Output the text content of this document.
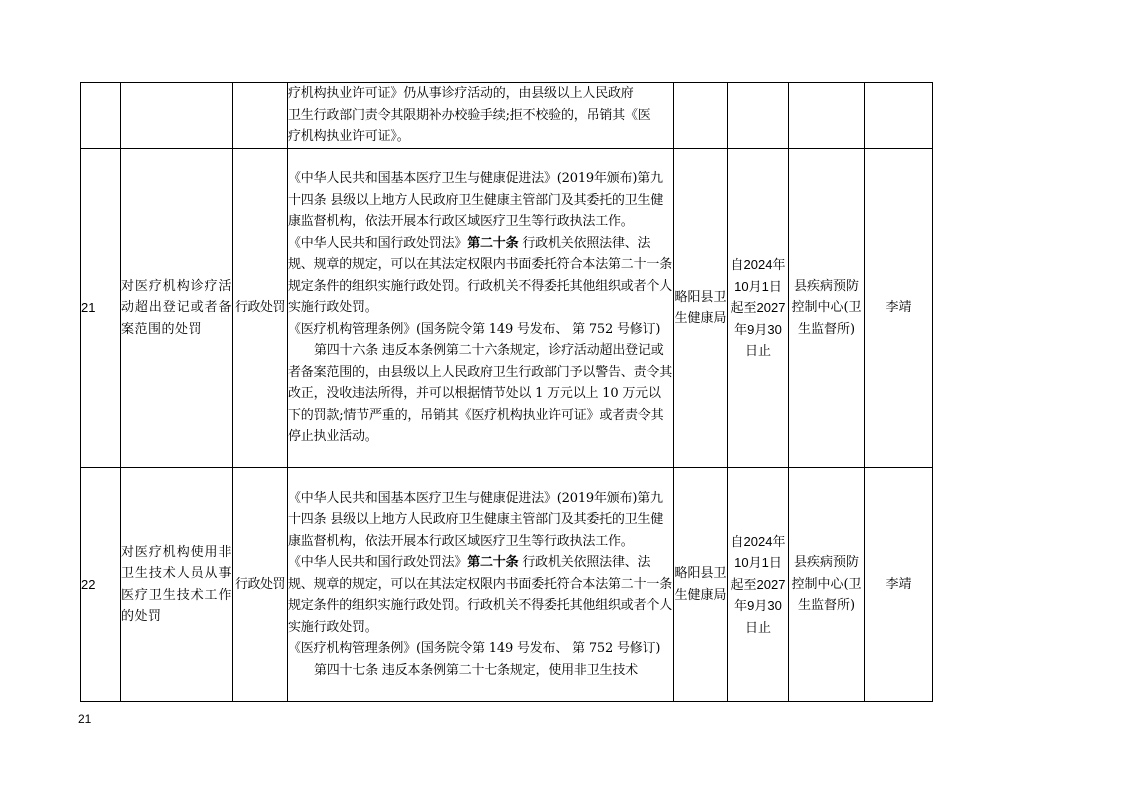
			疗机构执业许可证》仍从事诊疗活动的，由县级以上人民政府

卫生行政部门责令其限期补办校验手续;拒不校验的，吊销其《医

疗机构执业许可证》。				

21	对医疗机构诊疗活动超出登记或者备案范围的处罚	行政处罚	《中华人民共和国基本医疗卫生与健康促进法》(2019年颁布)第九十四条 县级以上地方人民政府卫生健康主管部门及其委托的卫生健康监督机构，依法开展本行政区域医疗卫生等行政执法工作。

《中华人民共和国行政处罚法》第二十条 行政机关依照法律、法规、规章的规定，可以在其法定权限内书面委托符合本法第二十一条规定条件的组织实施行政处罚。行政机关不得委托其他组织或者个人实施行政处罚。

《医疗机构管理条例》(国务院令第 149 号发布、 第 752 号修订)

第四十六条 违反本条例第二十六条规定，诊疗活动超出登记或者备案范围的，由县级以上人民政府卫生行政部门予以警告、责令其改正，没收违法所得，并可以根据情节处以 1 万元以上 10 万元以下的罚款;情节严重的，吊销其《医疗机构执业许可证》或者责令其停止执业活动。	略阳县卫生健康局	自2024年10月1日起至2027年9月30日止	县疾病预防控制中心(卫生监督所)	李靖
22	对医疗机构使用非卫生技术人员从事医疗卫生技术工作的处罚	行政处罚	《中华人民共和国基本医疗卫生与健康促进法》(2019年颁布)第九十四条 县级以上地方人民政府卫生健康主管部门及其委托的卫生健康监督机构，依法开展本行政区域医疗卫生等行政执法工作。

《中华人民共和国行政处罚法》第二十条 行政机关依照法律、法规、规章的规定，可以在其法定权限内书面委托符合本法第二十一条规定条件的组织实施行政处罚。行政机关不得委托其他组织或者个人实施行政处罚。

《医疗机构管理条例》(国务院令第 149 号发布、 第 752 号修订)

第四十七条 违反本条例第二十七条规定，使用非卫生技术	略阳县卫生健康局	自2024年10月1日起至2027年9月30日止	县疾病预防控制中心(卫生监督所)	李靖
21
